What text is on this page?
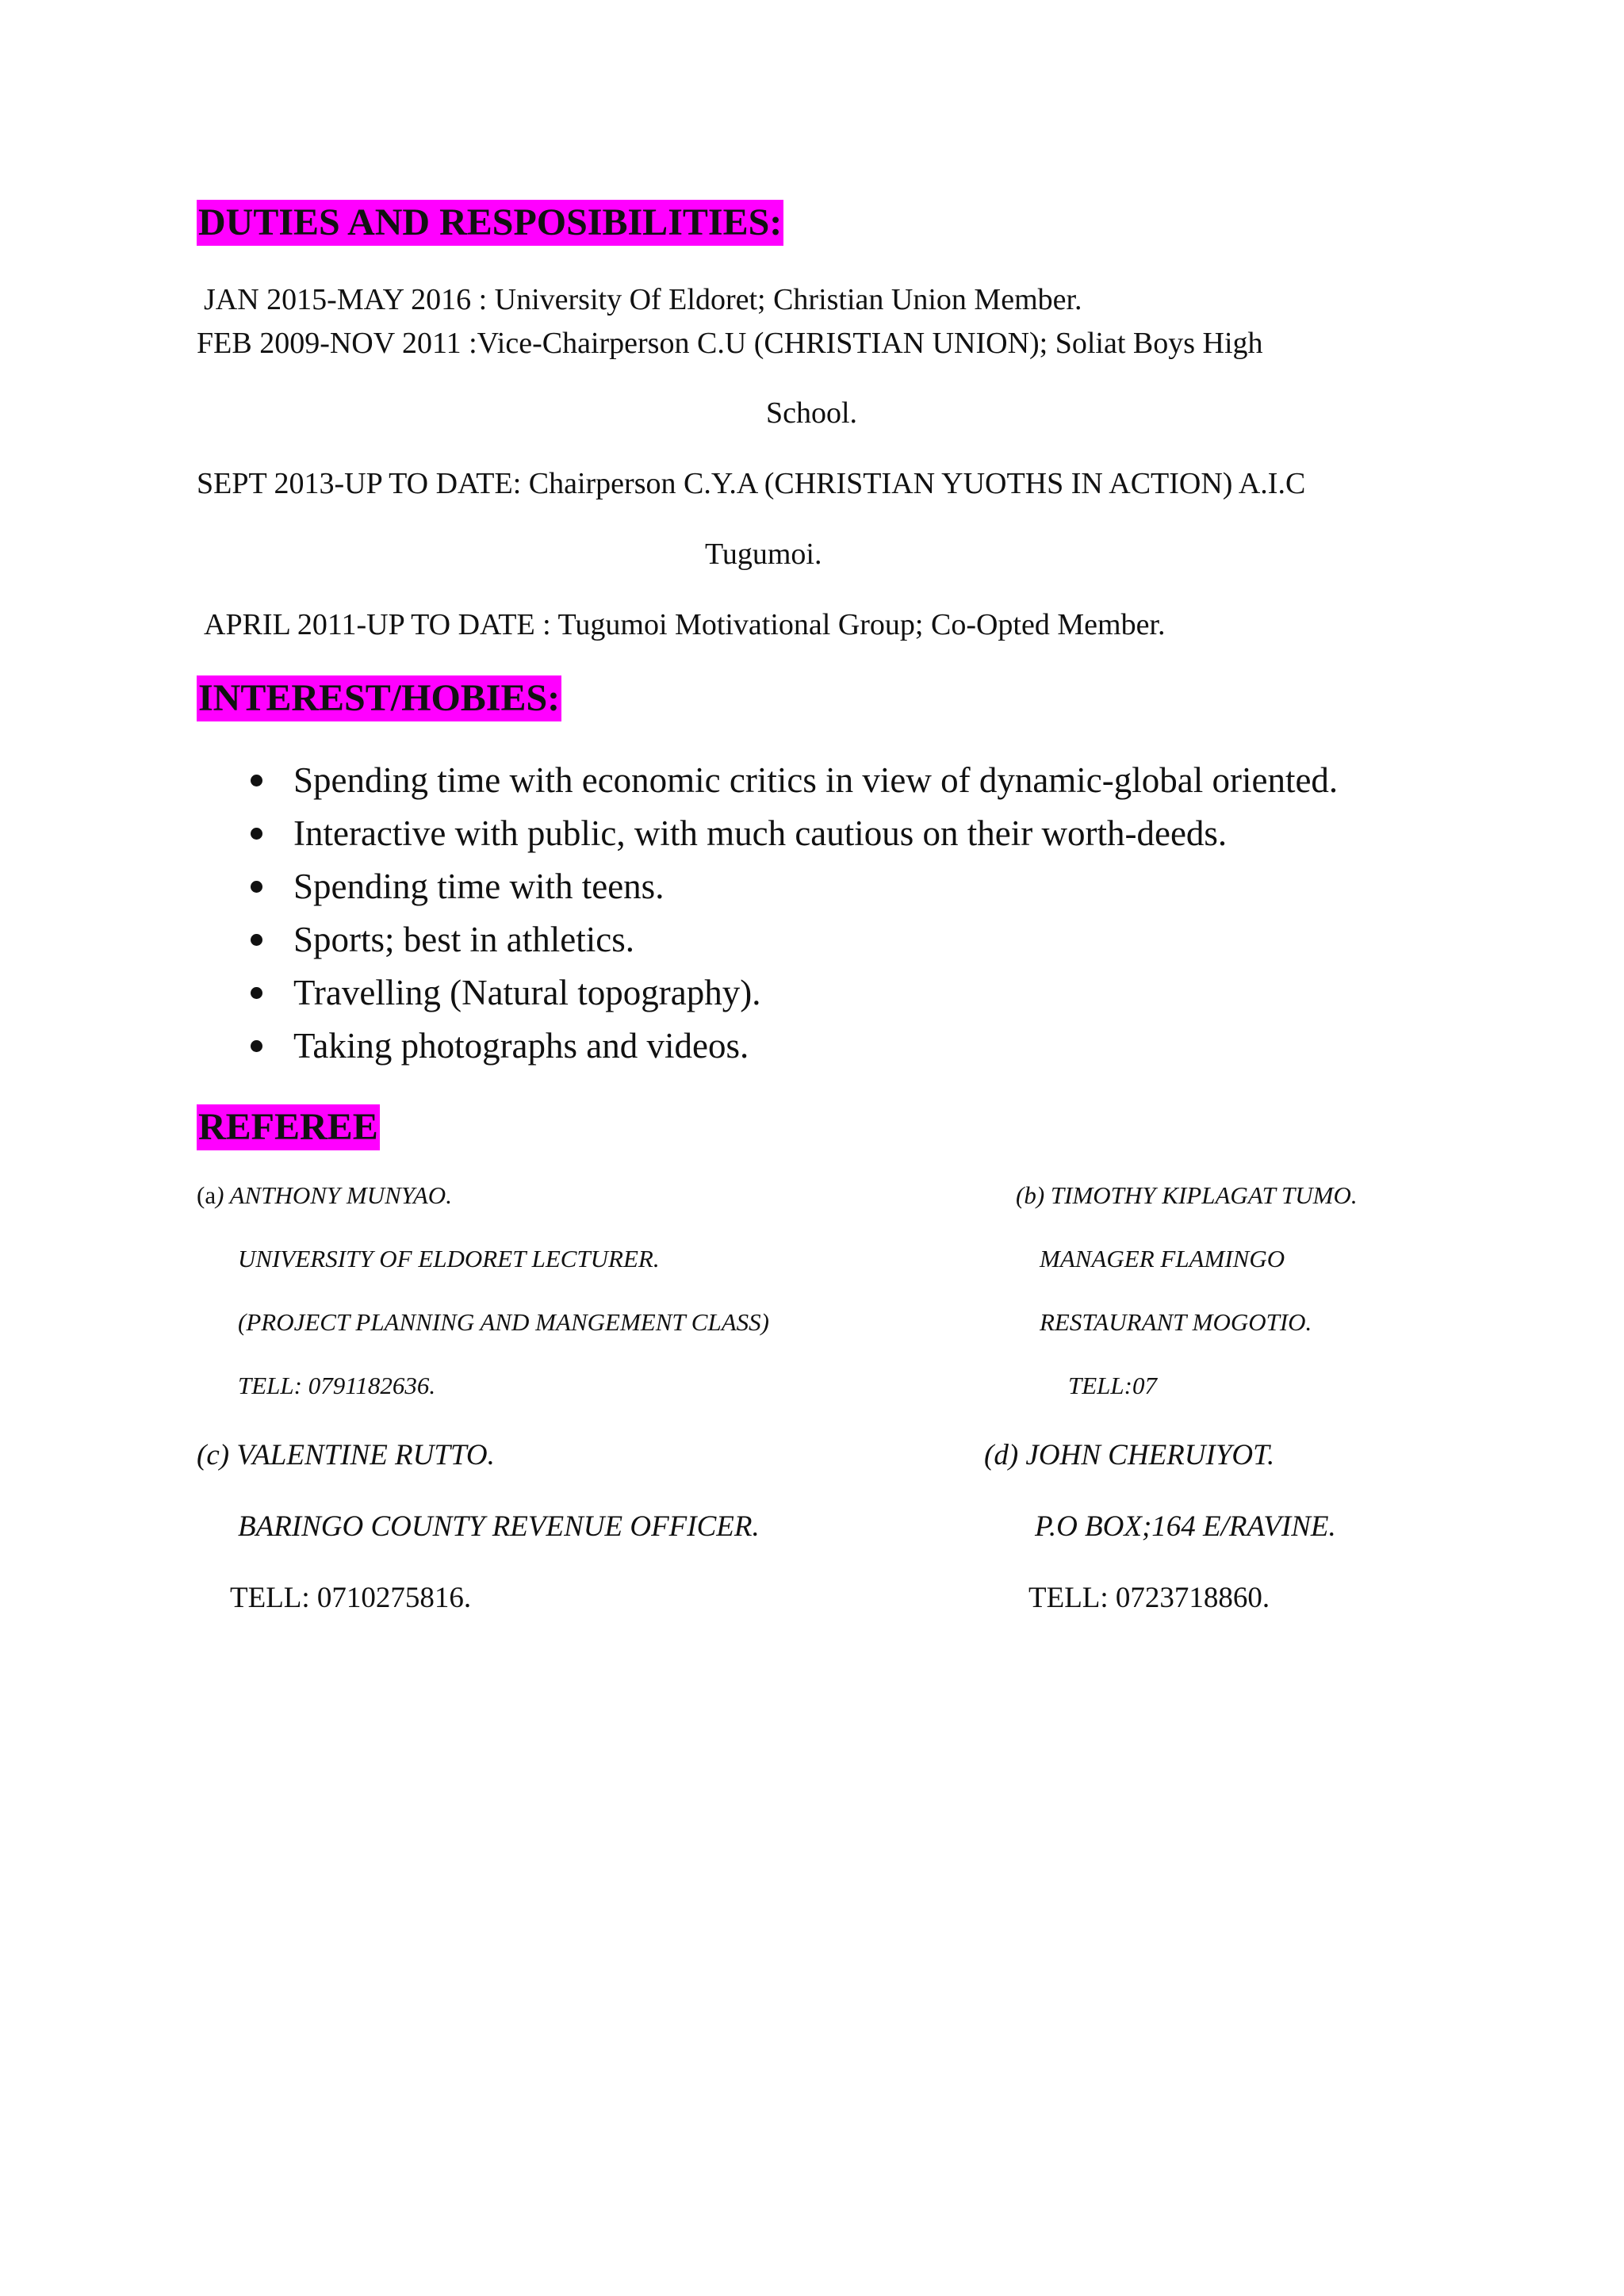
DUTIES AND RESPOSIBILITIES:
JAN 2015-MAY 2016 : University Of Eldoret; Christian Union Member.
FEB 2009-NOV 2011 :Vice-Chairperson C.U (CHRISTIAN UNION); Soliat Boys High
School.
SEPT 2013-UP TO DATE: Chairperson C.Y.A (CHRISTIAN YUOTHS IN ACTION) A.I.C
Tugumoi.
APRIL 2011-UP TO DATE : Tugumoi Motivational Group; Co-Opted Member.
INTEREST/HOBIES:
Spending time with economic critics in view of dynamic-global oriented.
Interactive with public, with much cautious on their worth-deeds.
Spending time with teens.
Sports; best in athletics.
Travelling (Natural topography).
Taking photographs and videos.
REFEREE
(a) ANTHONY MUNYAO.
UNIVERSITY OF ELDORET LECTURER.
(PROJECT PLANNING AND MANGEMENT CLASS)
TELL: 0791182636.
(b) TIMOTHY KIPLAGAT TUMO.
MANAGER FLAMINGO
RESTAURANT MOGOTIO.
TELL:07
(c) VALENTINE RUTTO.
BARINGO COUNTY REVENUE OFFICER.
TELL: 0710275816.
(d) JOHN CHERUIYOT.
P.O BOX;164 E/RAVINE.
TELL: 0723718860.
